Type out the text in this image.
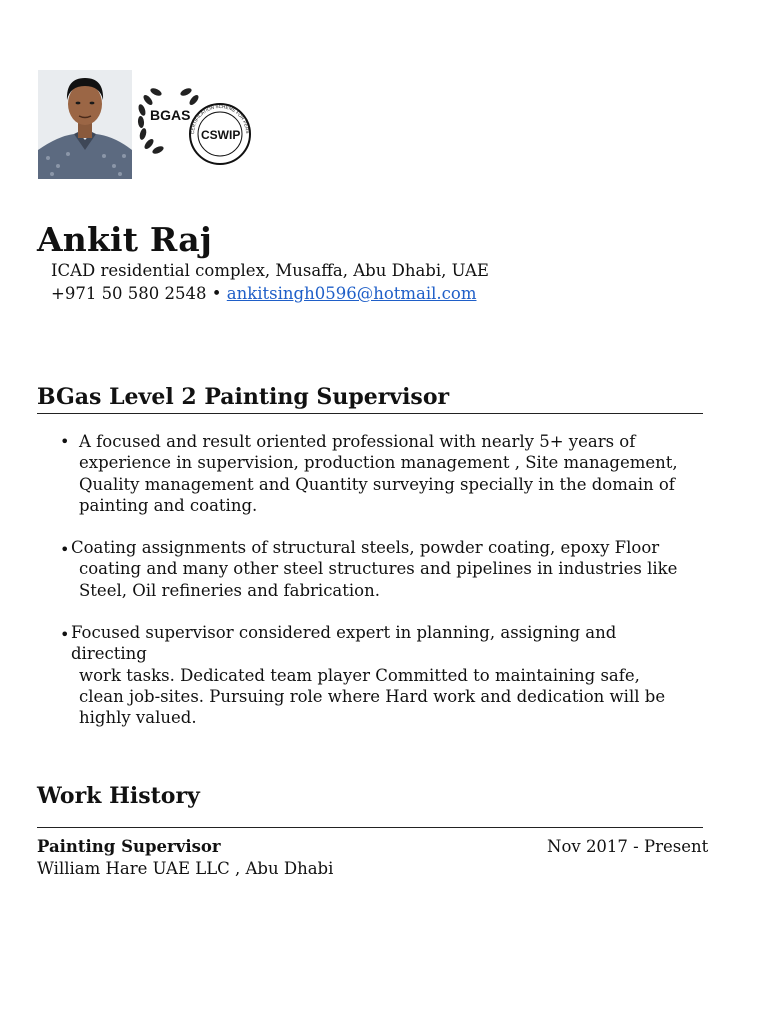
BGAS
CSWIP
CERTIFICATION SCHEME FOR PERS
Ankit Raj
ICAD residential complex, Musaffa, Abu Dhabi, UAE
+971 50 580 2548 • ankitsingh0596@hotmail.com
BGas Level 2 Painting Supervisor
• A focused and result oriented professional with nearly 5+ years of experience in supervision, production management , Site management, Quality management and Quantity surveying specially in the domain of painting and coating.
• Coating assignments of structural steels, powder coating, epoxy Floor
coating and many other steel structures and pipelines in industries like Steel, Oil refineries and fabrication.
• Focused supervisor considered expert in planning, assigning and directing
work tasks. Dedicated team player Committed to maintaining safe, clean job-sites. Pursuing role where Hard work and dedication will be highly valued.
Work History
Painting Supervisor	Nov 2017 - Present
William Hare UAE LLC , Abu Dhabi
